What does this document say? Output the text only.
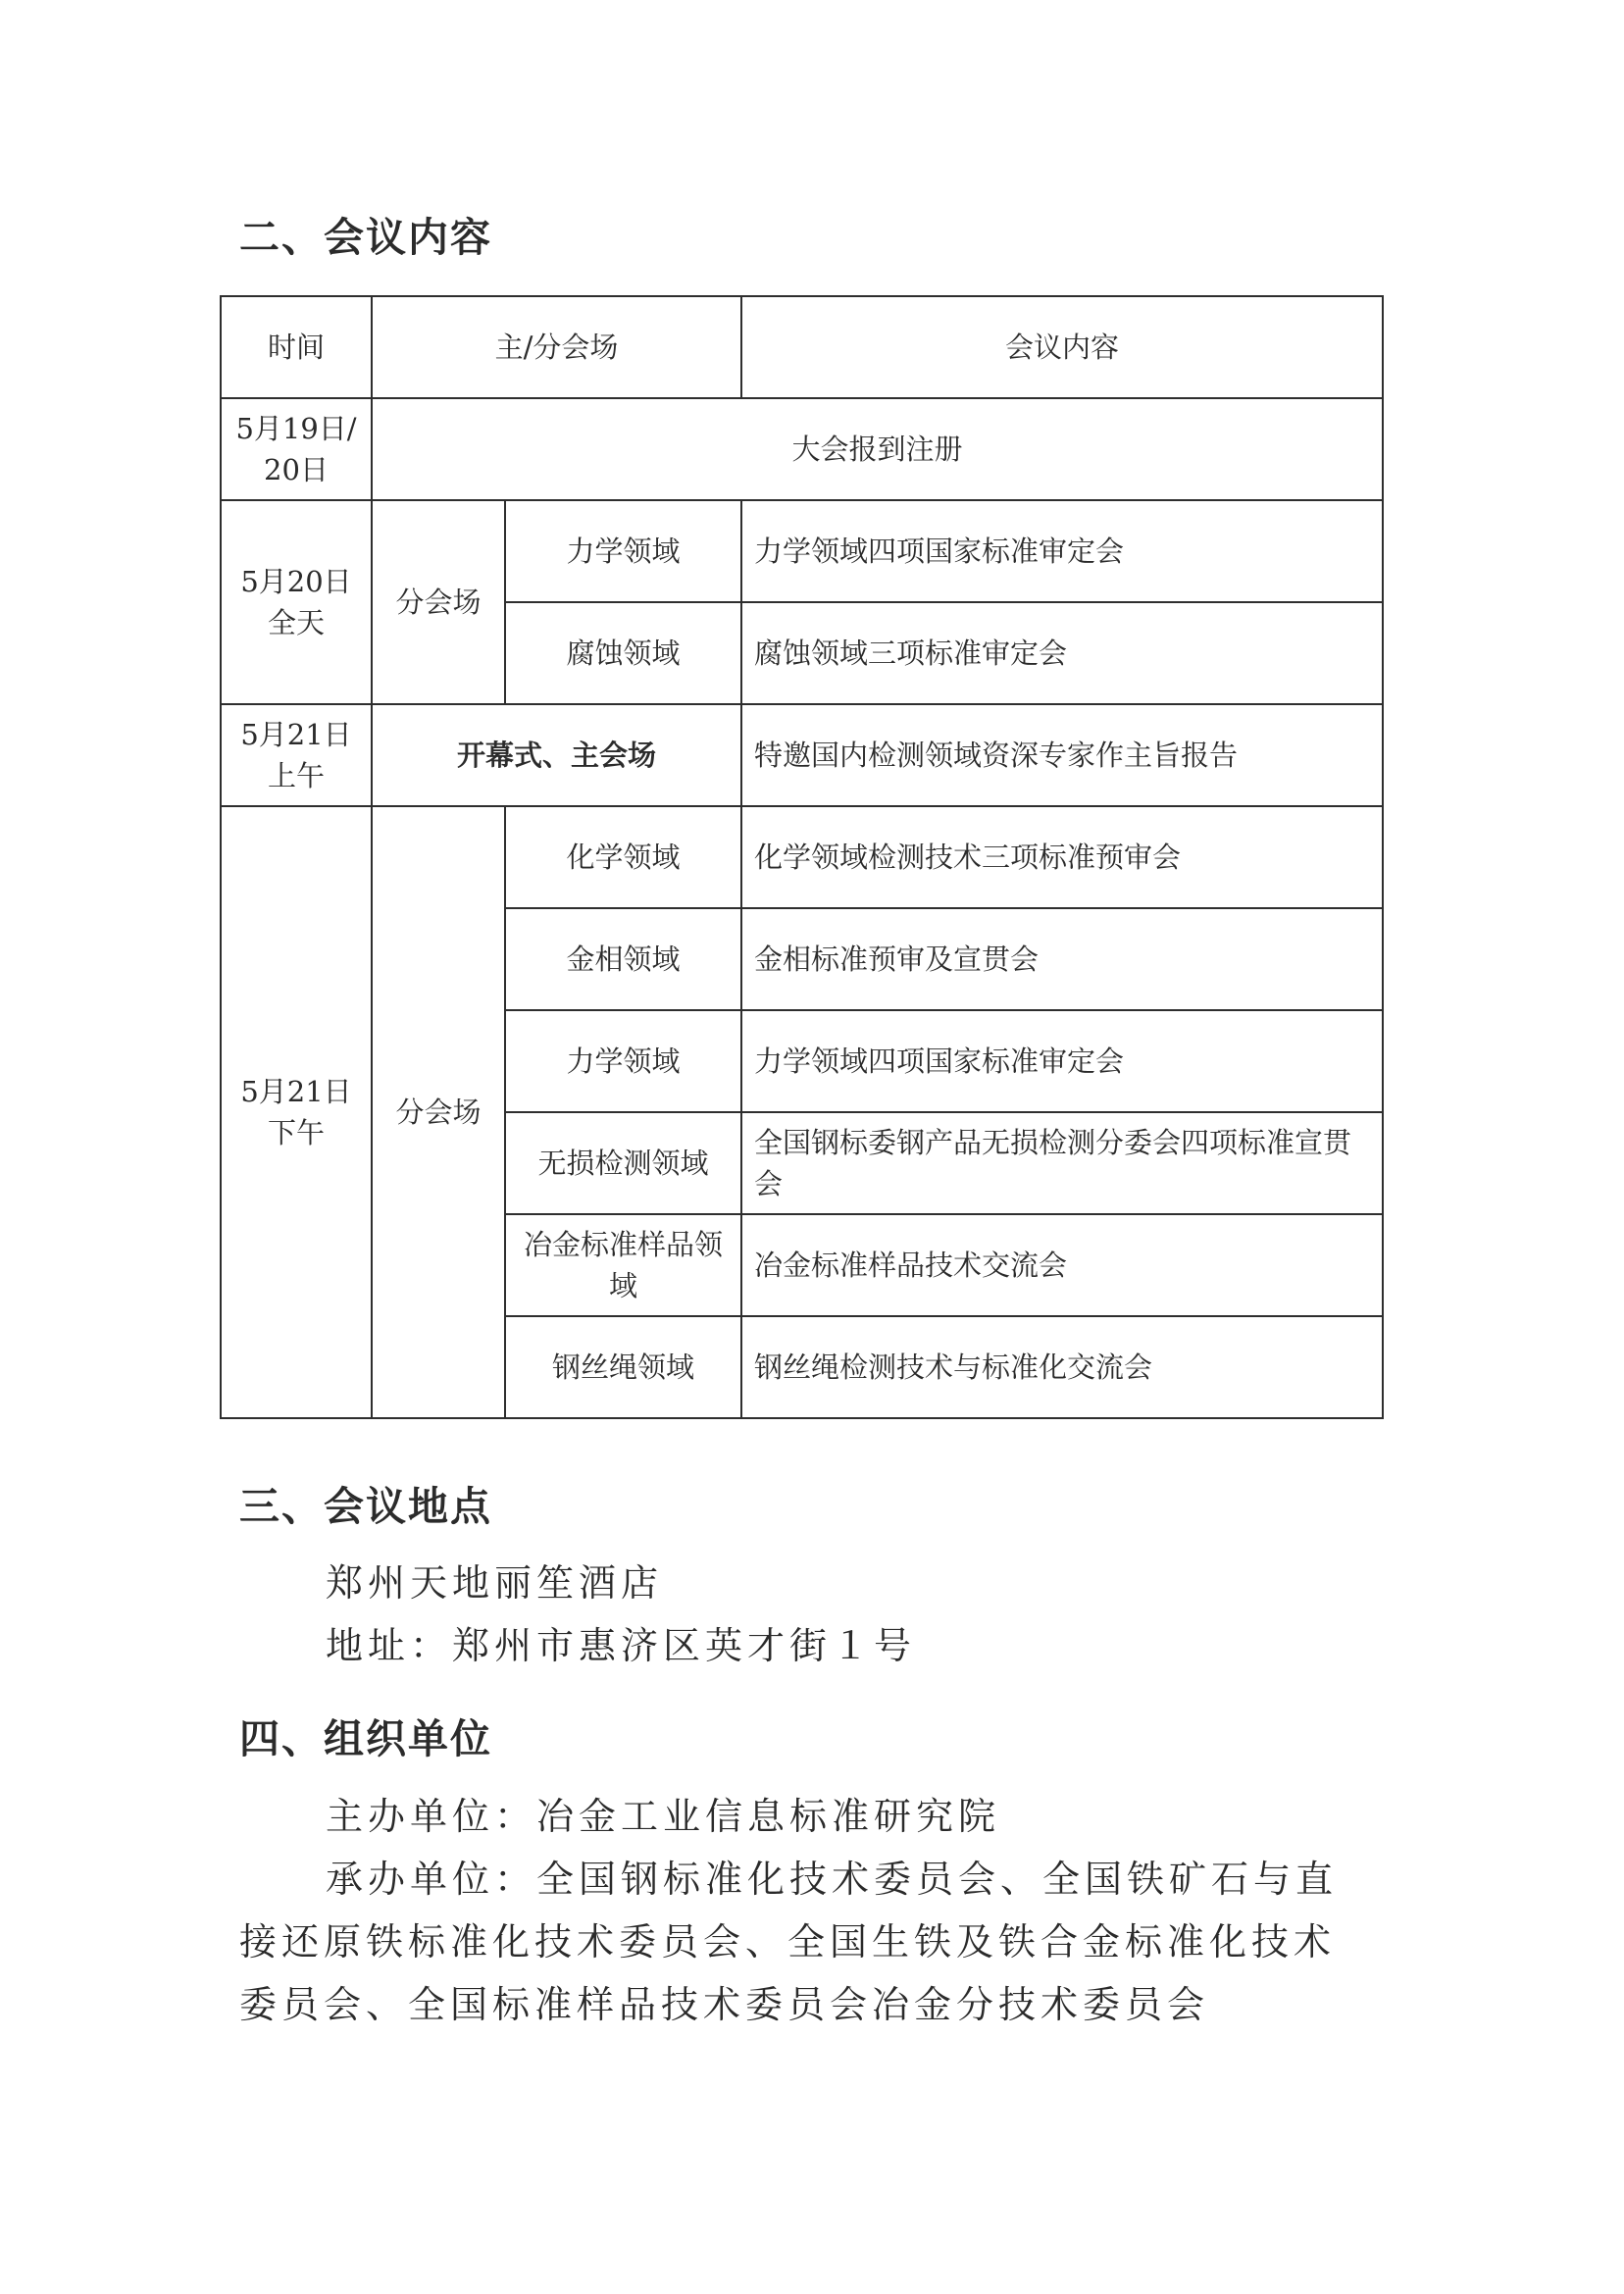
二、会议内容
时间	主/分会场		会议内容
5月19日/20日	大会报到注册		
5月20日全天	分会场	力学领域	力学领域四项国家标准审定会
		腐蚀领域	腐蚀领域三项标准审定会
5月21日上午	开幕式、主会场		特邀国内检测领域资深专家作主旨报告
5月21日下午	分会场	化学领域	化学领域检测技术三项标准预审会
		金相领域	金相标准预审及宣贯会
		力学领域	力学领域四项国家标准审定会
		无损检测领域	全国钢标委钢产品无损检测分委会四项标准宣贯会
		冶金标准样品领域	冶金标准样品技术交流会
		钢丝绳领域	钢丝绳检测技术与标准化交流会
三、会议地点
郑州天地丽笙酒店
地址：郑州市惠济区英才街１号
四、组织单位
主办单位：冶金工业信息标准研究院
承办单位：全国钢标准化技术委员会、全国铁矿石与直
接还原铁标准化技术委员会、全国生铁及铁合金标准化技术
委员会、全国标准样品技术委员会冶金分技术委员会
